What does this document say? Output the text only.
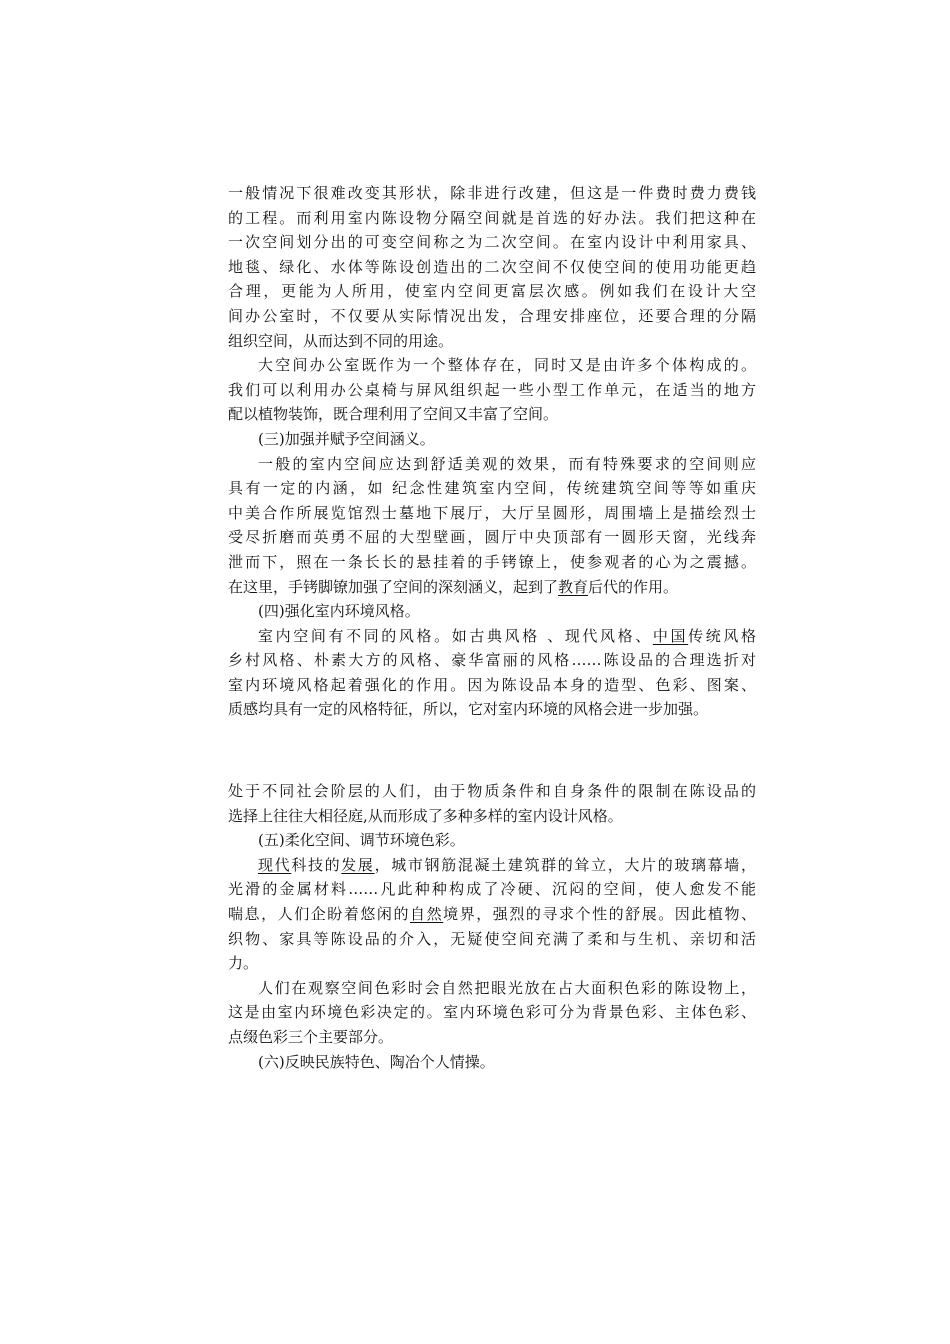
一般情况下很难改变其形状，除非进行改建，但这是一件费时费力费钱
的工程。而利用室内陈设物分隔空间就是首选的好办法。我们把这种在
一次空间划分出的可变空间称之为二次空间。在室内设计中利用家具、
地毯、绿化、水体等陈设创造出的二次空间不仅使空间的使用功能更趋
合理，更能为人所用，使室内空间更富层次感。例如我们在设计大空
间办公室时，不仅要从实际情况出发，合理安排座位，还要合理的分隔
组织空间，从而达到不同的用途。
大空间办公室既作为一个整体存在，同时又是由许多个体构成的。
我们可以利用办公桌椅与屏风组织起一些小型工作单元，在适当的地方
配以植物装饰，既合理利用了空间又丰富了空间。
(三)加强并赋予空间涵义。
一般的室内空间应达到舒适美观的效果，而有特殊要求的空间则应
具有一定的内涵，如 纪念性建筑室内空间，传统建筑空间等等如重庆
中美合作所展览馆烈士墓地下展厅，大厅呈圆形，周围墙上是描绘烈士
受尽折磨而英勇不屈的大型壁画，圆厅中央顶部有一圆形天窗，光线奔
泄而下，照在一条长长的悬挂着的手铐镣上，使参观者的心为之震撼。
在这里，手铐脚镣加强了空间的深刻涵义，起到了教育后代的作用。
(四)强化室内环境风格。
室内空间有不同的风格。如古典风格 、现代风格、中国传统风格
乡村风格、朴素大方的风格、豪华富丽的风格……陈设品的合理选折对
室内环境风格起着强化的作用。因为陈设品本身的造型、色彩、图案、
质感均具有一定的风格特征，所以，它对室内环境的风格会进一步加强。
处于不同社会阶层的人们，由于物质条件和自身条件的限制在陈设品的
选择上往往大相径庭,从而形成了多种多样的室内设计风格。
(五)柔化空间、调节环境色彩。
现代科技的发展，城市钢筋混凝土建筑群的耸立，大片的玻璃幕墙，
光滑的金属材料……凡此种种构成了冷硬、沉闷的空间，使人愈发不能
喘息，人们企盼着悠闲的自然境界，强烈的寻求个性的舒展。因此植物、
织物、家具等陈设品的介入，无疑使空间充满了柔和与生机、亲切和活
力。
人们在观察空间色彩时会自然把眼光放在占大面积色彩的陈设物上，
这是由室内环境色彩决定的。室内环境色彩可分为背景色彩、主体色彩、
点缀色彩三个主要部分。
(六)反映民族特色、陶冶个人情操。
